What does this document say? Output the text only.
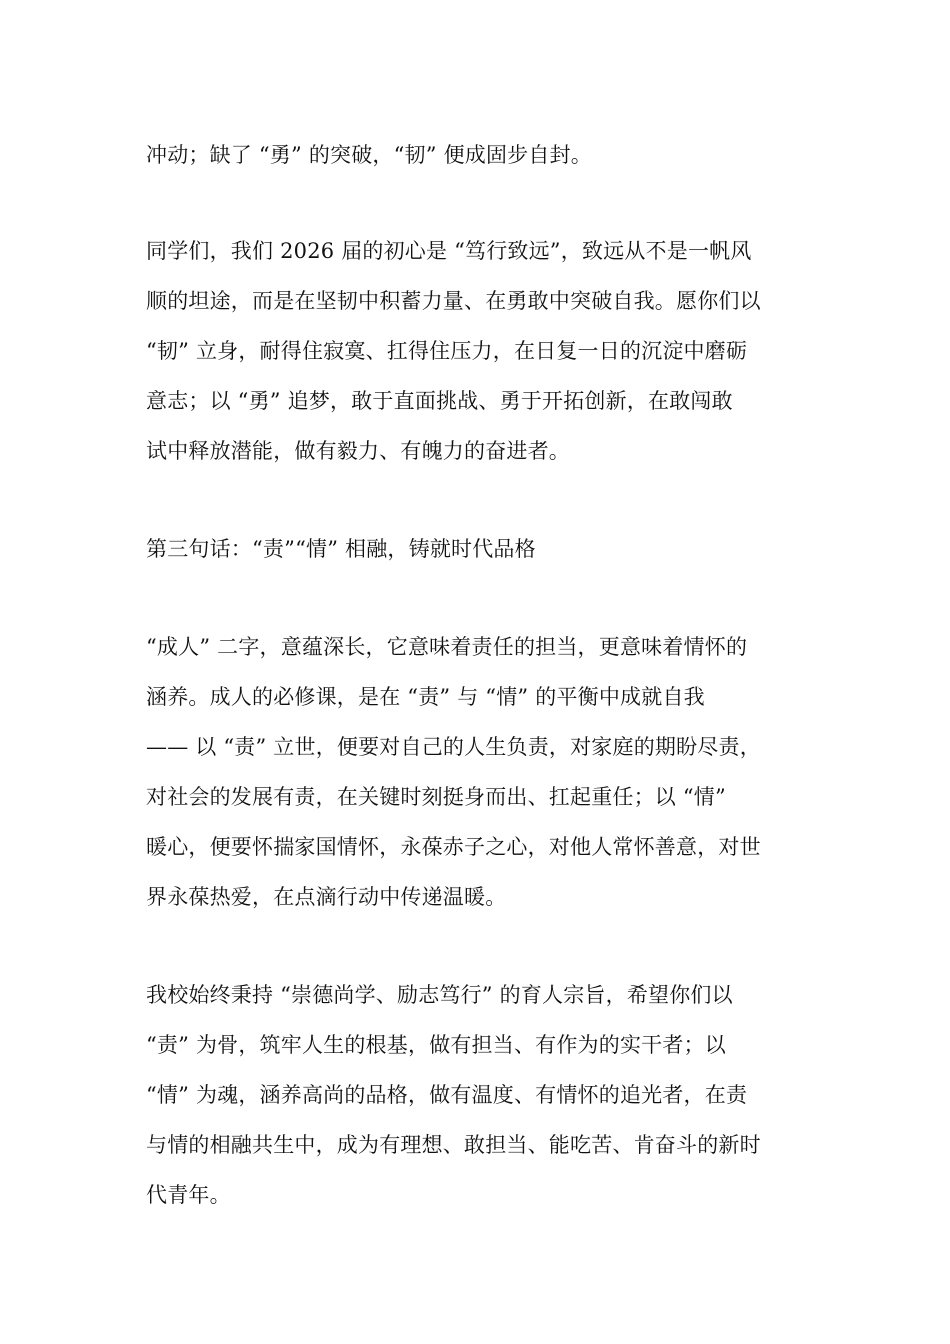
冲动；缺了 “勇” 的突破，“韧” 便成固步自封。
同学们，我们 2026 届的初心是 “笃行致远”，致远从不是一帆风
顺的坦途，而是在坚韧中积蓄力量、在勇敢中突破自我。愿你们以
“韧” 立身，耐得住寂寞、扛得住压力，在日复一日的沉淀中磨砺
意志；以 “勇” 追梦，敢于直面挑战、勇于开拓创新，在敢闯敢
试中释放潜能，做有毅力、有魄力的奋进者。
第三句话：“责”“情” 相融，铸就时代品格
“成人” 二字，意蕴深长，它意味着责任的担当，更意味着情怀的
涵养。成人的必修课，是在 “责” 与 “情” 的平衡中成就自我
—— 以 “责” 立世，便要对自己的人生负责，对家庭的期盼尽责，
对社会的发展有责，在关键时刻挺身而出、扛起重任；以 “情”
暖心，便要怀揣家国情怀，永葆赤子之心，对他人常怀善意，对世
界永葆热爱，在点滴行动中传递温暖。
我校始终秉持 “崇德尚学、励志笃行” 的育人宗旨，希望你们以
“责” 为骨，筑牢人生的根基，做有担当、有作为的实干者；以
“情” 为魂，涵养高尚的品格，做有温度、有情怀的追光者，在责
与情的相融共生中，成为有理想、敢担当、能吃苦、肯奋斗的新时
代青年。
